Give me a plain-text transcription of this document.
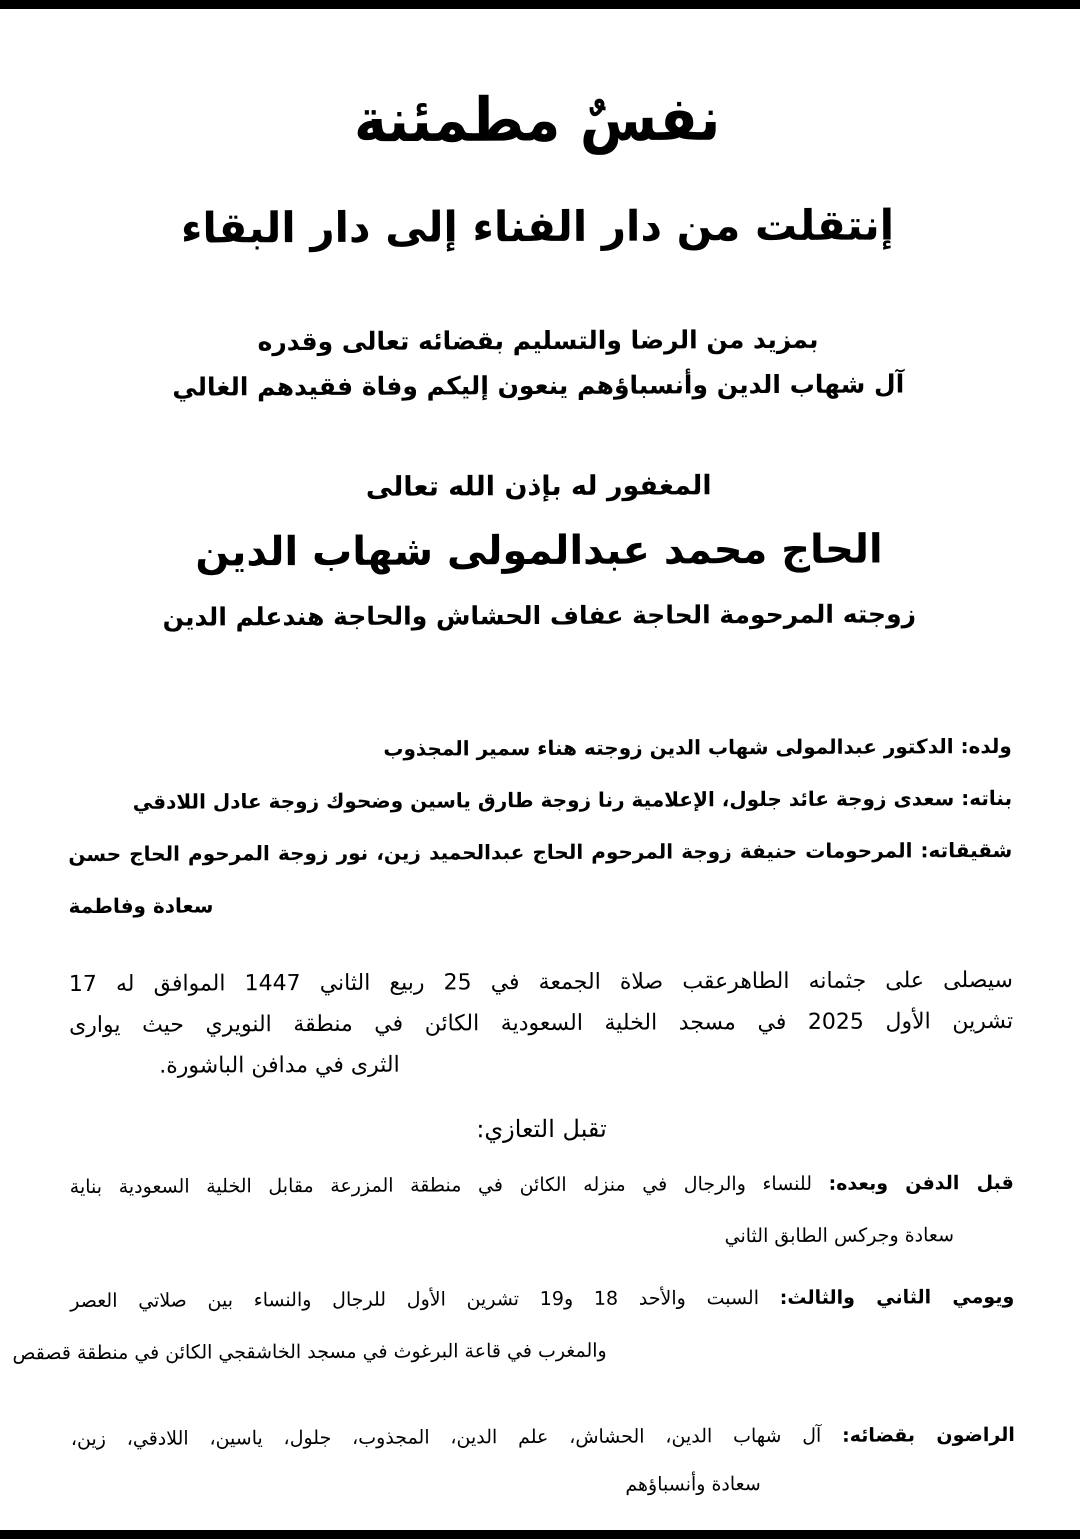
نفسٌ مطمئنة
إنتقلت من دار الفناء إلى دار البقاء
بمزيد من الرضا والتسليم بقضائه تعالى وقدره
آل شهاب الدين وأنسباؤهم ينعون إليكم وفاة فقيدهم الغالي
المغفور له بإذن الله تعالى
الحاج محمد عبدالمولى شهاب الدين
زوجته المرحومة الحاجة عفاف الحشاش والحاجة هندعلم الدين
ولده: الدكتور عبدالمولى شهاب الدين زوجته هناء سمير المجذوب
بناته: سعدى زوجة عائد جلول، الإعلامية رنا زوجة طارق ياسين وضحوك زوجة عادل اللادقي
شقيقاته: المرحومات حنيفة زوجة المرحوم الحاج عبدالحميد زين، نور زوجة المرحوم الحاج حسن
سعادة وفاطمة
سيصلى على جثمانه الطاهرعقب صلاة الجمعة في 25 ربيع الثاني 1447 الموافق له 17
تشرين الأول 2025 في مسجد الخلية السعودية الكائن في منطقة النويري حيث يوارى
الثرى في مدافن الباشورة.
تقبل التعازي:
قبل الدفن وبعده: للنساء والرجال في منزله الكائن في منطقة المزرعة مقابل الخلية السعودية بناية
سعادة وجركس الطابق الثاني
ويومي الثاني والثالث: السبت والأحد 18 و19 تشرين الأول للرجال والنساء بين صلاتي العصر
والمغرب في قاعة البرغوث في مسجد الخاشقجي الكائن في منطقة قصقص
الراضون بقضائه: آل شهاب الدين، الحشاش، علم الدين، المجذوب، جلول، ياسين، اللادقي، زين،
سعادة وأنسباؤهم
